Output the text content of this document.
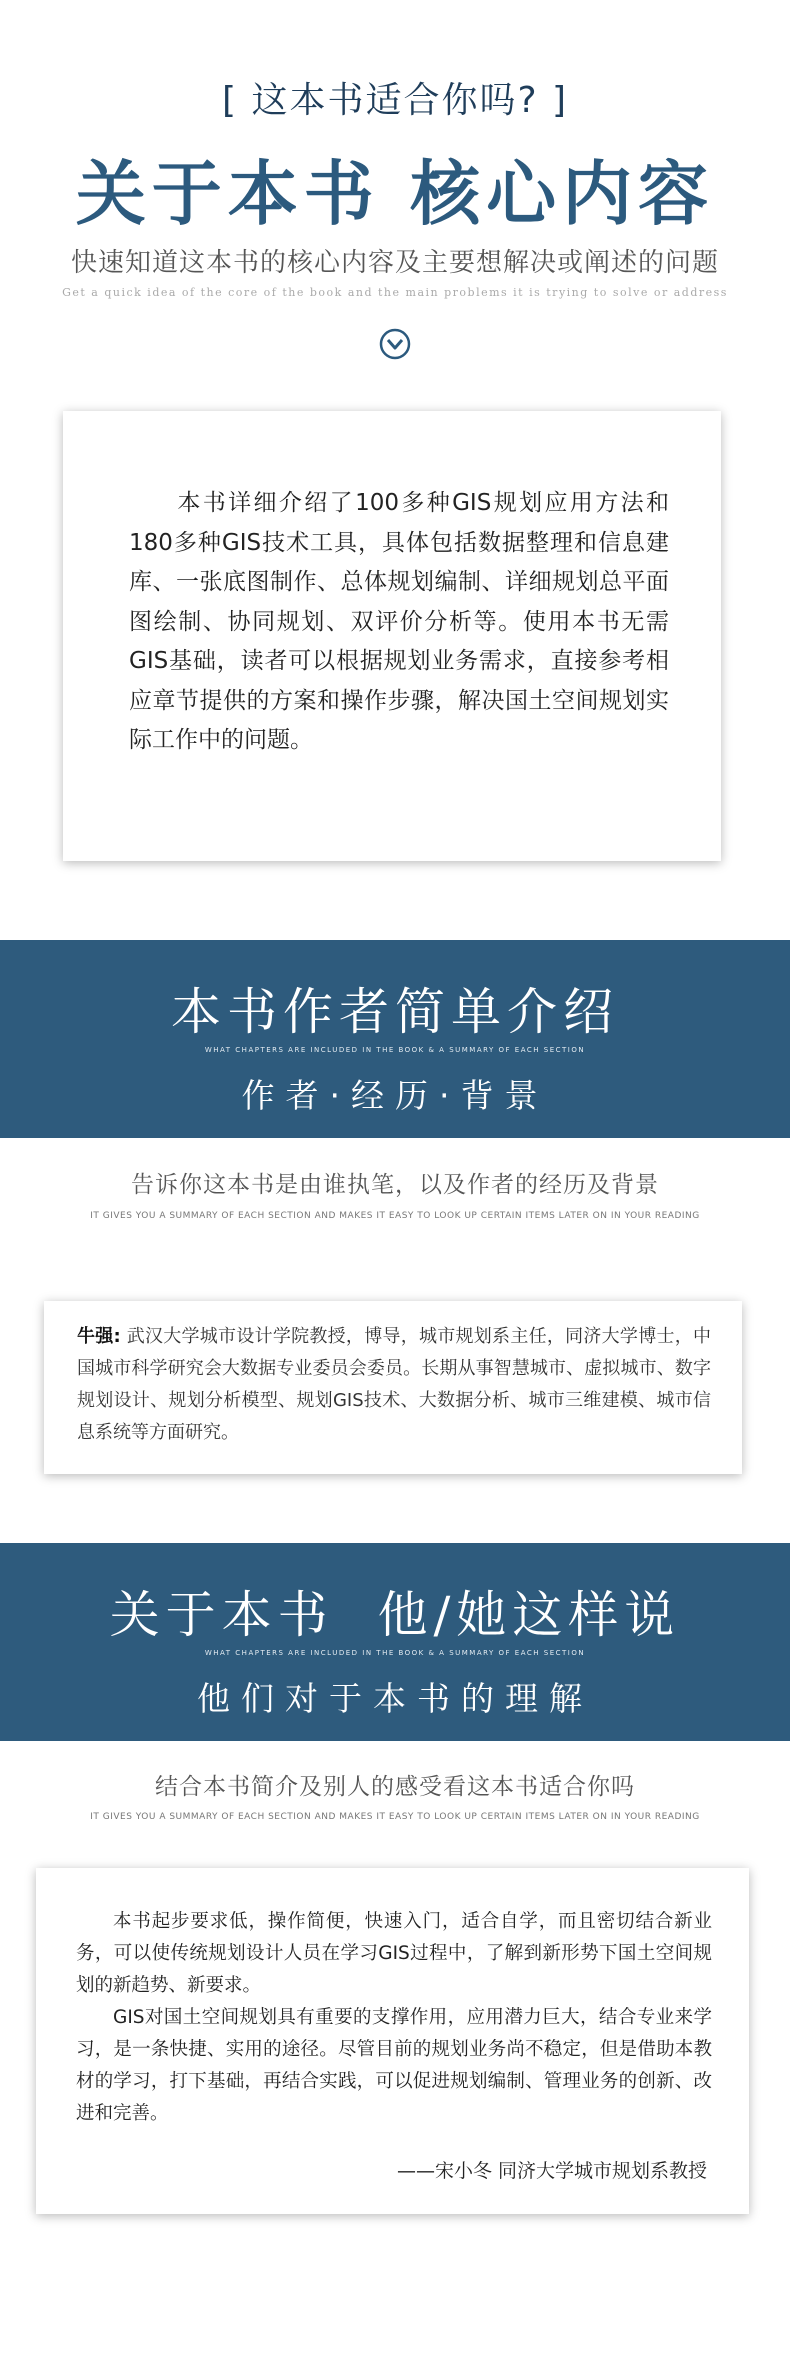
[ 这本书适合你吗? ]
关于本书 核心内容
快速知道这本书的核心内容及主要想解决或阐述的问题
Get a quick idea of the core of the book and the main problems it is trying to solve or address
本书详细介绍了100多种GIS规划应用方法和180多种GIS技术工具，具体包括数据整理和信息建库、一张底图制作、总体规划编制、详细规划总平面图绘制、协同规划、双评价分析等。使用本书无需GIS基础，读者可以根据规划业务需求，直接参考相应章节提供的方案和操作步骤，解决国土空间规划实际工作中的问题。
本书作者简单介绍
WHAT CHAPTERS ARE INCLUDED IN THE BOOK & A SUMMARY OF EACH SECTION
作者·经历·背景
告诉你这本书是由谁执笔，以及作者的经历及背景
IT GIVES YOU A SUMMARY OF EACH SECTION AND MAKES IT EASY TO LOOK UP CERTAIN ITEMS LATER ON IN YOUR READING
牛强: 武汉大学城市设计学院教授，博导，城市规划系主任，同济大学博士，中国城市科学研究会大数据专业委员会委员。长期从事智慧城市、虚拟城市、数字规划设计、规划分析模型、规划GIS技术、大数据分析、城市三维建模、城市信息系统等方面研究。
关于本书  他/她这样说
WHAT CHAPTERS ARE INCLUDED IN THE BOOK & A SUMMARY OF EACH SECTION
他们对于本书的理解
结合本书简介及别人的感受看这本书适合你吗
IT GIVES YOU A SUMMARY OF EACH SECTION AND MAKES IT EASY TO LOOK UP CERTAIN ITEMS LATER ON IN YOUR READING

本书起步要求低，操作简便，快速入门，适合自学，而且密切结合新业务，可以使传统规划设计人员在学习GIS过程中，了解到新形势下国土空间规划的新趋势、新要求。

GIS对国土空间规划具有重要的支撑作用，应用潜力巨大，结合专业来学习，是一条快捷、实用的途径。尽管目前的规划业务尚不稳定，但是借助本教材的学习，打下基础，再结合实践，可以促进规划编制、管理业务的创新、改进和完善。

——宋小冬 同济大学城市规划系教授
